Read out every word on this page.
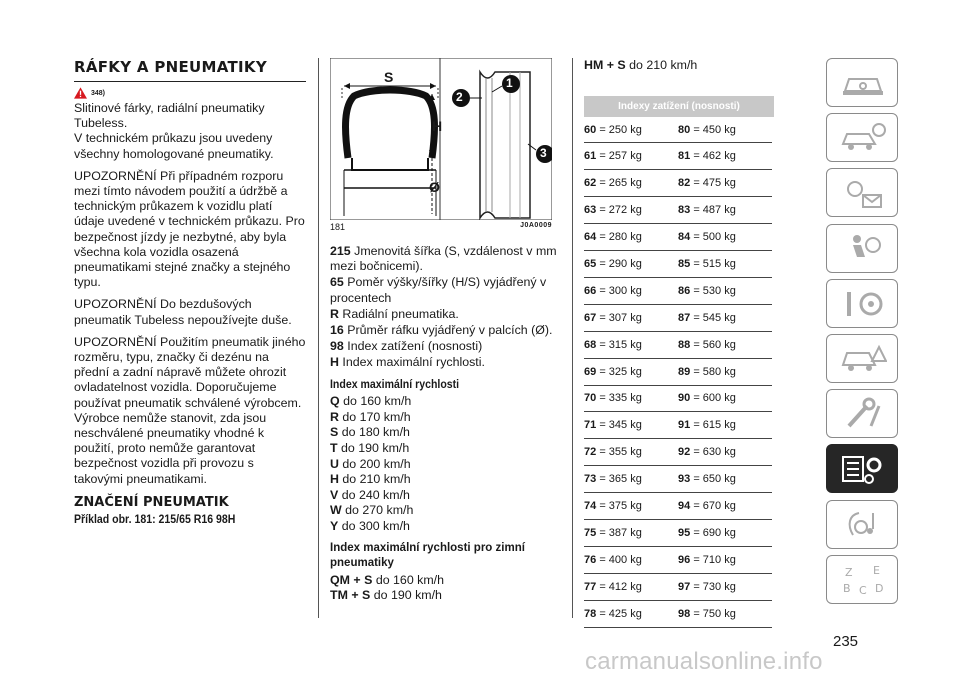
RÁFKY A PNEUMATIKY
348)

Slitinové fárky, radiální pneumatiky Tubeless.
V technickém průkazu jsou uvedeny všechny homologované pneumatiky.

UPOZORNĚNÍ Při případném rozporu mezi tímto návodem použití a údržbě a technickým průkazem k vozidlu platí údaje uvedené v technickém průkazu. Pro bezpečnost jízdy je nezbytné, aby byla všechna kola vozidla osazená pneumatikami stejné značky a stejného typu.

UPOZORNĚNÍ Do bezdušových pneumatik Tubeless nepoužívejte duše.

UPOZORNĚNÍ Použitím pneumatik jiného rozměru, typu, značky či dezénu na přední a zadní nápravě můžete ohrozit ovladatelnost vozidla. Doporučujeme používat pneumatik schválené výrobcem. Výrobce nemůže stanovit, zda jsou neschválené pneumatiky vhodné k použití, proto nemůže garantovat bezpečnost vozidla při provozu s takovými pneumatikami.

ZNAČENÍ PNEUMATIK
Příklad obr. 181: 215/65 R16 98H
S
H
Ø
1
2
3
181	J0A0009
215 Jmenovitá šířka (S, vzdálenost v mm mezi bočnicemi).
65 Poměr výšky/šířky (H/S) vyjádřený v procentech
R Radiální pneumatika.
16 Průměr ráfku vyjádřený v palcích (Ø).
98 Index zatížení (nosnosti)
H Index maximální rychlosti.
Index maximální rychlosti
Q do 160 km/h
R do 170 km/h
S do 180 km/h
T do 190 km/h
U do 200 km/h
H do 210 km/h
V do 240 km/h
W do 270 km/h
Y do 300 km/h
Index maximální rychlosti pro zimní pneumatiky
QM + S do 160 km/h
TM + S do 190 km/h
HM + S do 210 km/h
Indexy zatížení (nosnosti)
60 = 250 kg	80 = 450 kg
61 = 257 kg	81 = 462 kg
62 = 265 kg	82 = 475 kg
63 = 272 kg	83 = 487 kg
64 = 280 kg	84 = 500 kg
65 = 290 kg	85 = 515 kg
66 = 300 kg	86 = 530 kg
67 = 307 kg	87 = 545 kg
68 = 315 kg	88 = 560 kg
69 = 325 kg	89 = 580 kg
70 = 335 kg	90 = 600 kg
71 = 345 kg	91 = 615 kg
72 = 355 kg	92 = 630 kg
73 = 365 kg	93 = 650 kg
74 = 375 kg	94 = 670 kg
75 = 387 kg	95 = 690 kg
76 = 400 kg	96 = 710 kg
77 = 412 kg	97 = 730 kg
78 = 425 kg	98 = 750 kg
Z E
B C D
235
carmanualsonline.info
